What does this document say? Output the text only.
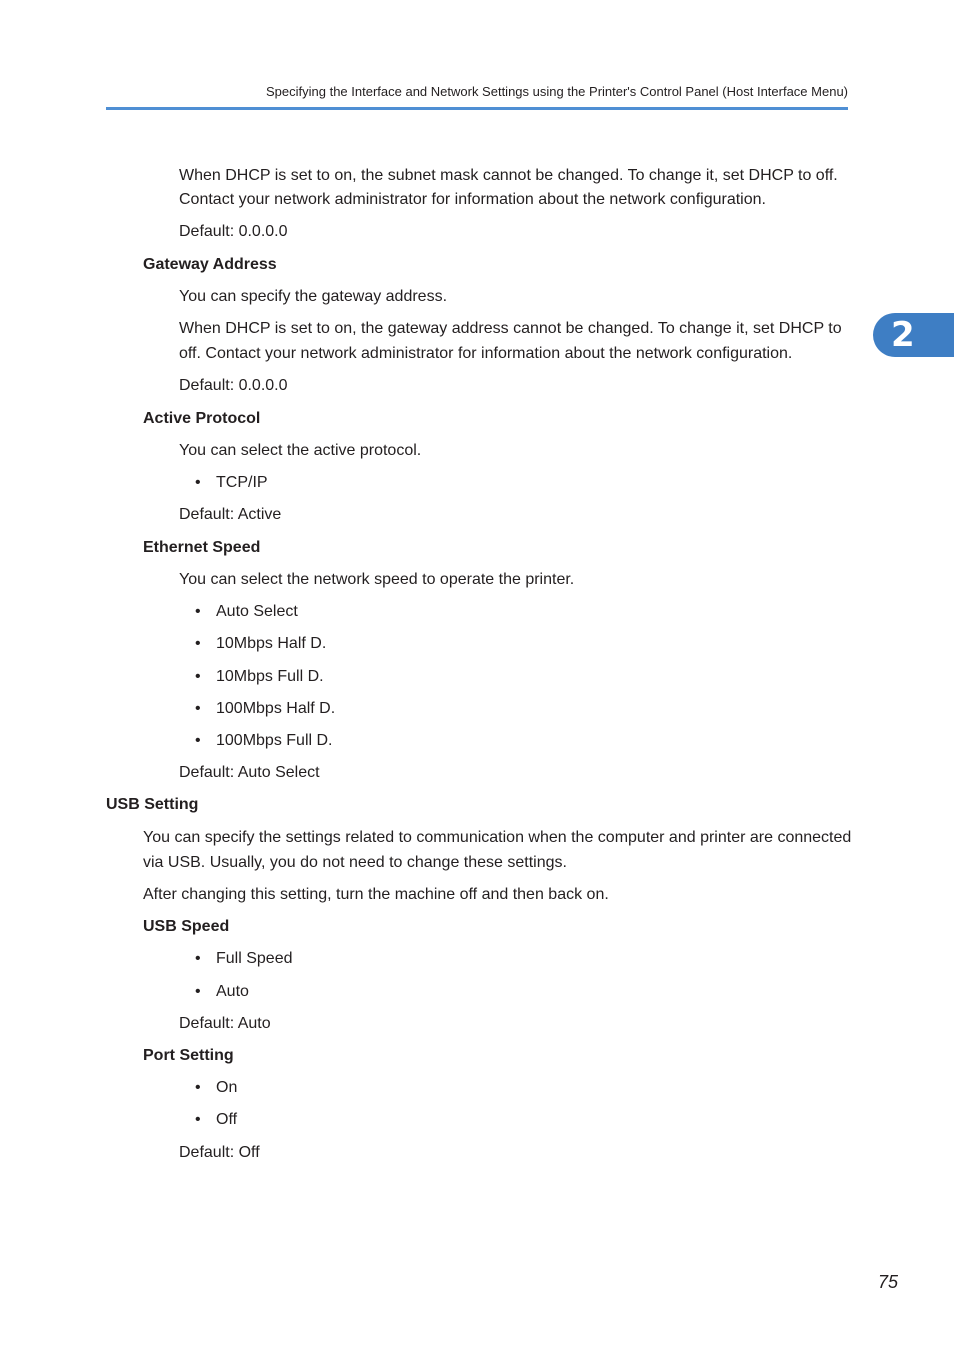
Specifying the Interface and Network Settings using the Printer's Control Panel (Host Interface Menu)
2
When DHCP is set to on, the subnet mask cannot be changed. To change it, set DHCP to off.
Contact your network administrator for information about the network configuration.
Default: 0.0.0.0
Gateway Address
You can specify the gateway address.
When DHCP is set to on, the gateway address cannot be changed. To change it, set DHCP to
off. Contact your network administrator for information about the network configuration.
Default: 0.0.0.0
Active Protocol
You can select the active protocol.
• TCP/IP
Default: Active
Ethernet Speed
You can select the network speed to operate the printer.
• Auto Select
• 10Mbps Half D.
• 10Mbps Full D.
• 100Mbps Half D.
• 100Mbps Full D.
Default: Auto Select
USB Setting
You can specify the settings related to communication when the computer and printer are connected
via USB. Usually, you do not need to change these settings.
After changing this setting, turn the machine off and then back on.
USB Speed
• Full Speed
• Auto
Default: Auto
Port Setting
• On
• Off
Default: Off
75
